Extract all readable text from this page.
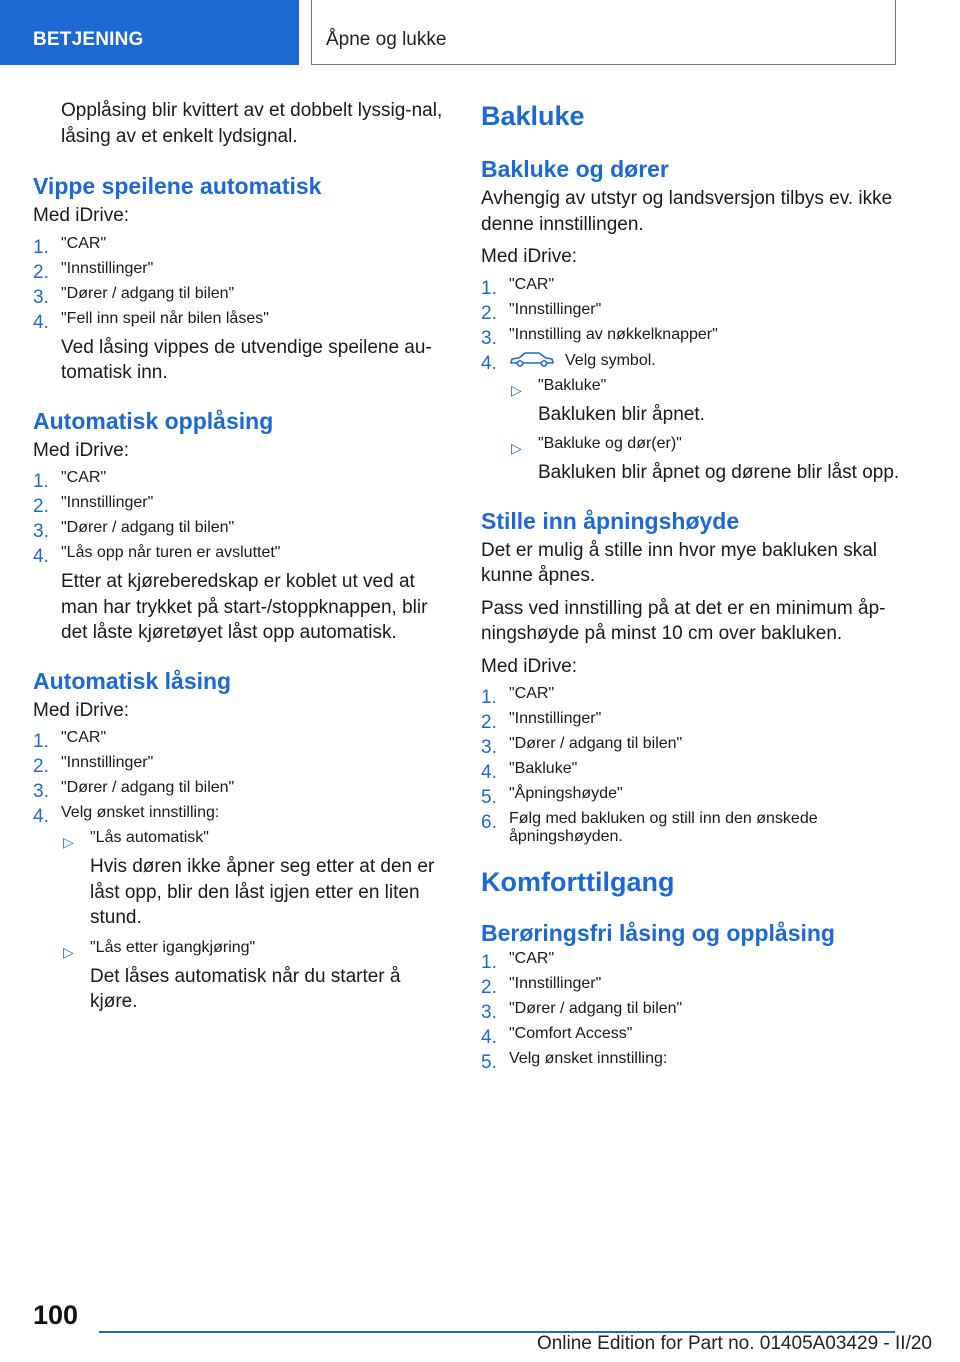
BETJENING	Åpne og lukke

Opplåsing blir kvittert av et dobbelt lyssig-nal, låsing av et enkelt lydsignal.

Vippe speilene automatisk

Med iDrive:

1. "CAR"
2. "Innstillinger"
3. "Dører / adgang til bilen"
4. "Fell inn speil når bilen låses"

Ved låsing vippes de utvendige speilene au-tomatisk inn.

Automatisk opplåsing

Med iDrive:

1. "CAR"
2. "Innstillinger"
3. "Dører / adgang til bilen"
4. "Lås opp når turen er avsluttet"

Etter at kjøreberedskap er koblet ut ved at man har trykket på start-/stoppknappen, blir det låste kjøretøyet låst opp automatisk.

Automatisk låsing

Med iDrive:

1. "CAR"
2. "Innstillinger"
3. "Dører / adgang til bilen"
4. Velg ønsket innstilling:
▷ "Lås automatisk"

Hvis døren ikke åpner seg etter at den er låst opp, blir den låst igjen etter en liten stund.

▷ "Lås etter igangkjøring"

Det låses automatisk når du starter å kjøre.

Bakluke
Bakluke og dører

Avhengig av utstyr og landsversjon tilbys ev. ikke denne innstillingen.

Med iDrive:

1. "CAR"
2. "Innstillinger"
3. "Innstilling av nøkkelknapper"
4.	Velg symbol.
▷ "Bakluke"

Bakluken blir åpnet.

▷ "Bakluke og dør(er)"

Bakluken blir åpnet og dørene blir låst opp.

Stille inn åpningshøyde

Det er mulig å stille inn hvor mye bakluken skal kunne åpnes.

Pass ved innstilling på at det er en minimum åp-ningshøyde på minst 10 cm over bakluken.

Med iDrive:

1. "CAR"
2. "Innstillinger"
3. "Dører / adgang til bilen"
4. "Bakluke"
5. "Åpningshøyde"
6. Følg med bakluken og still inn den ønskede åpningshøyden.
Komforttilgang
Berøringsfri låsing og opplåsing
1. "CAR"
2. "Innstillinger"
3. "Dører / adgang til bilen"
4. "Comfort Access"
5. Velg ønsket innstilling:
100
Online Edition for Part no. 01405A03429 - II/20
